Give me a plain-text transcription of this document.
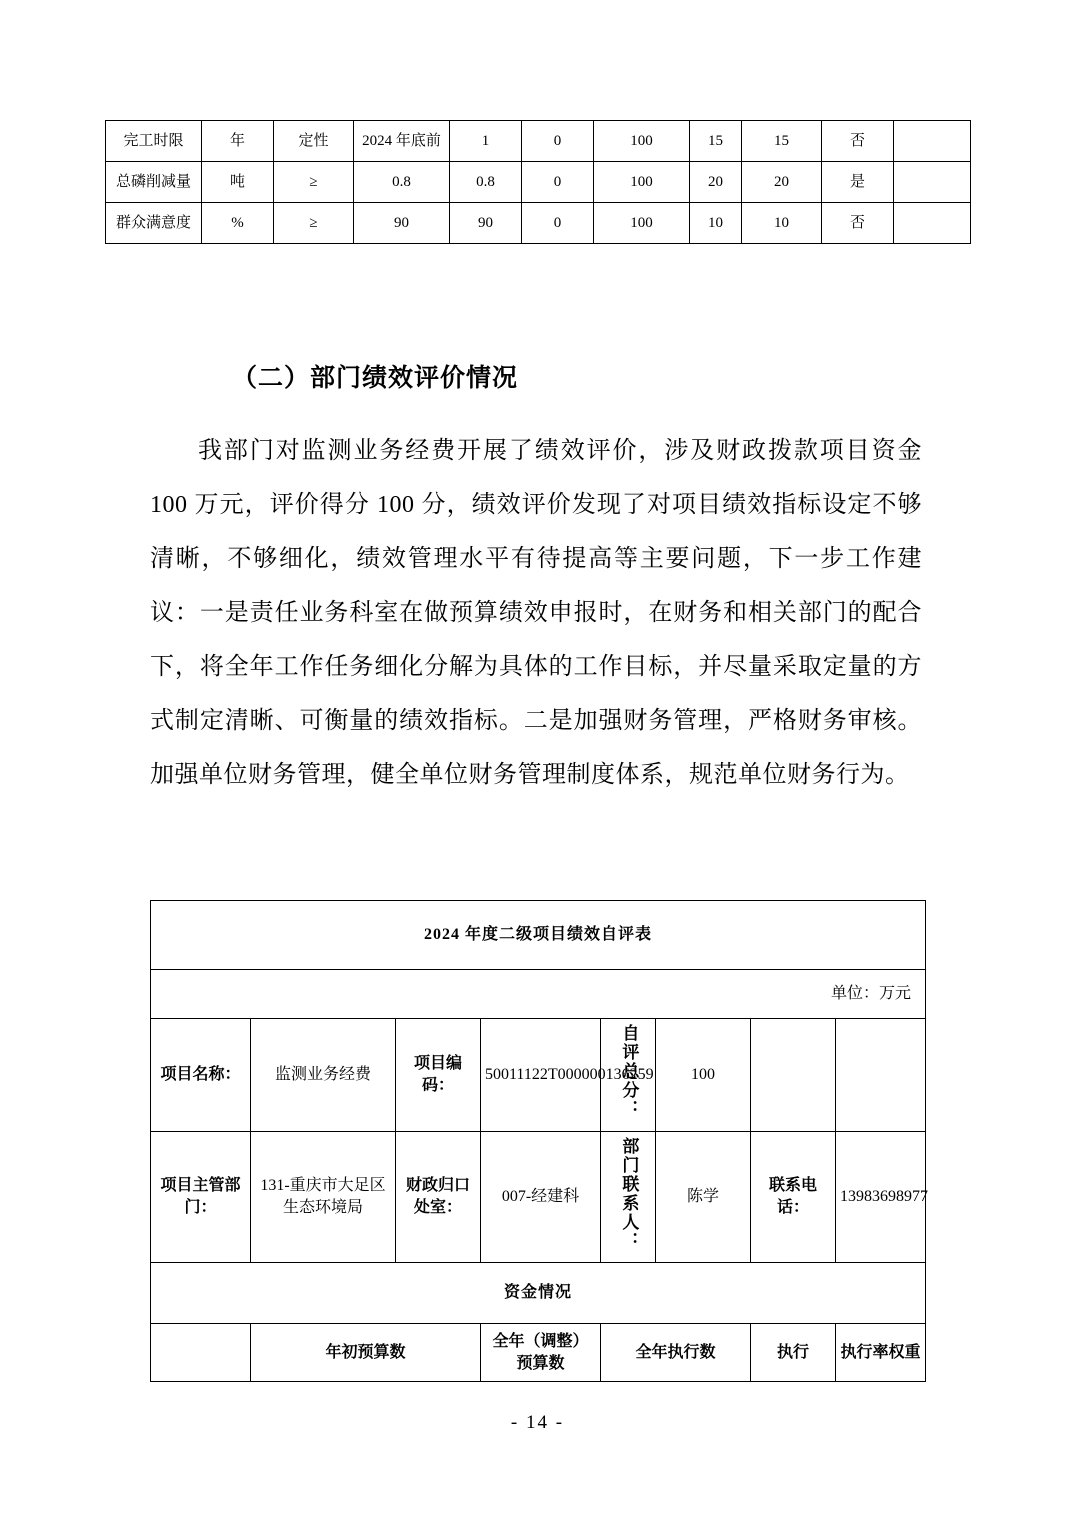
完工时限	年	定性	2024 年底前	1	0	100	15	15	否	
总磷削减量	吨	≥	0.8	0.8	0	100	20	20	是	
群众满意度	%	≥	90	90	0	100	10	10	否	
（二）部门绩效评价情况
我部门对监测业务经费开展了绩效评价，涉及财政拨款项目资金 100 万元，评价得分 100 分，绩效评价发现了对项目绩效指标设定不够清晰，不够细化，绩效管理水平有待提高等主要问题，下一步工作建议：一是责任业务科室在做预算绩效申报时，在财务和相关部门的配合下，将全年工作任务细化分解为具体的工作目标，并尽量采取定量的方式制定清晰、可衡量的绩效指标。二是加强财务管理，严格财务审核。加强单位财务管理，健全单位财务管理制度体系，规范单位财务行为。
2024 年度二级项目绩效自评表							
单位：万元							
项目名称：	监测业务经费	项目编码：	50011122T000000136259	自评总分：	100		
项目主管部门：	131-重庆市大足区生态环境局	财政归口处室：	007-经建科	部门联系人：	陈学	联系电话：	13983698977
资金情况							
	年初预算数		全年（调整）预算数	全年执行数		执行	执行率权重
- 14 -
